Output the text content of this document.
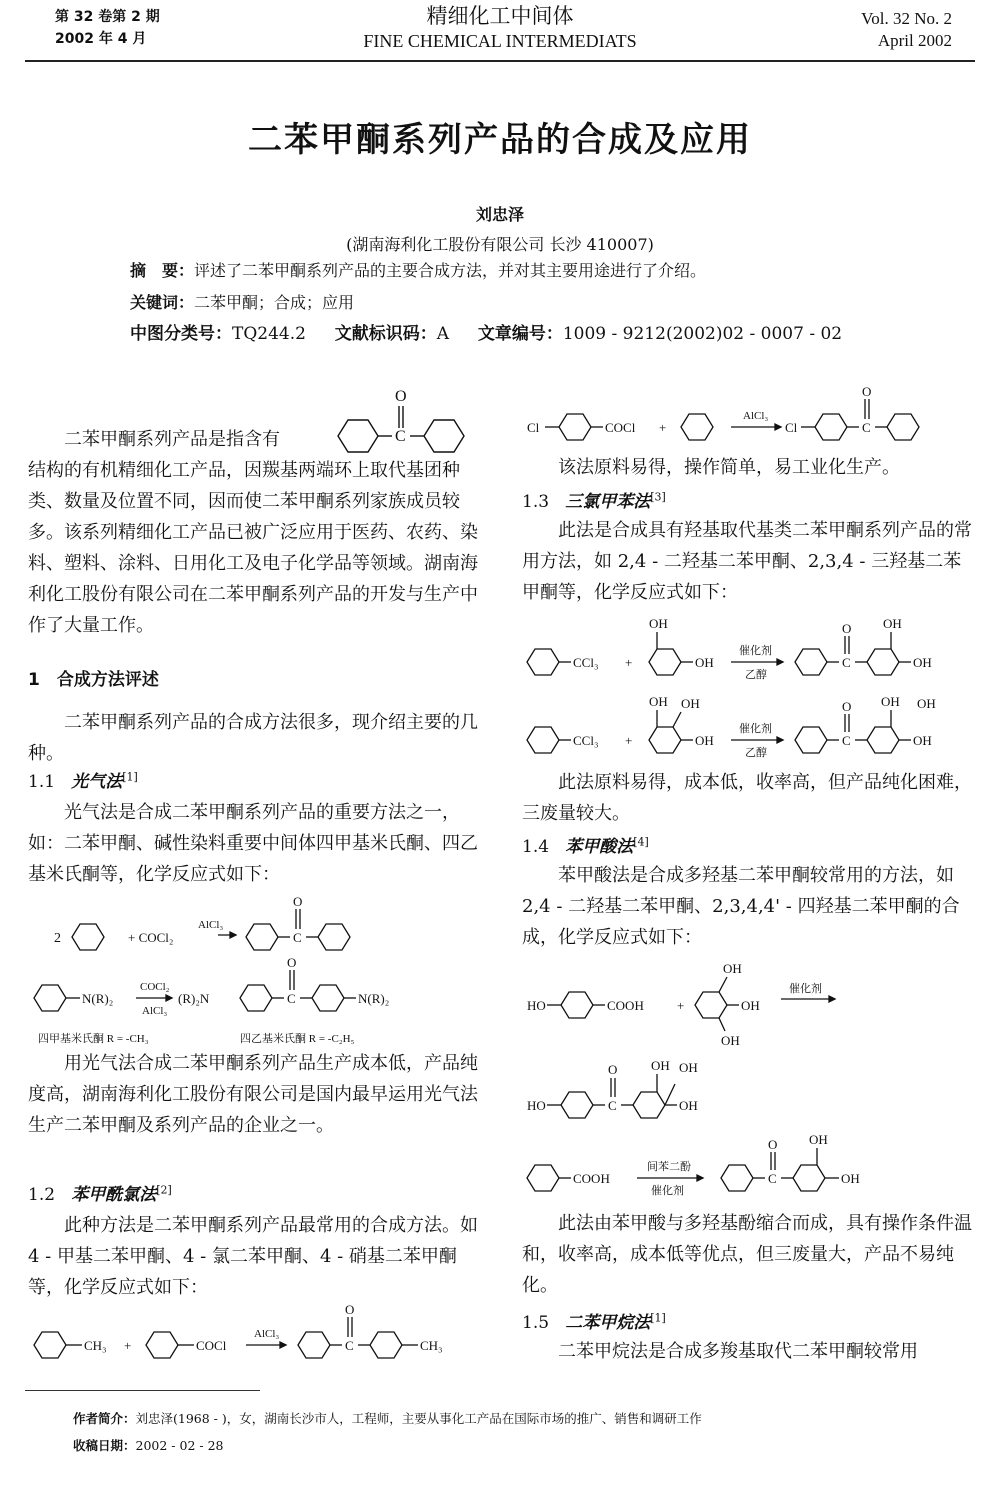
第 32 卷第 2 期
2002 年 4 月
精细化工中间体
FINE CHEMICAL INTERMEDIATS
Vol. 32 No. 2
April 2002
二苯甲酮系列产品的合成及应用
刘忠泽
(湖南海利化工股份有限公司 长沙 410007)
摘　要：评述了二苯甲酮系列产品的主要合成方法，并对其主要用途进行了介绍。
关键词：二苯甲酮；合成；应用
中图分类号：TQ244.2 文献标识码：A 文章编号：1009 - 9212(2002)02 - 0007 - 02
二苯甲酮系列产品是指含有
O
C

结构的有机精细化工产品，因羰基两端环上取代基团种类、数量及位置不同，因而使二苯甲酮系列家族成员较多。该系列精细化工产品已被广泛应用于医药、农药、染料、塑料、涂料、日用化工及电子化学品等领域。湖南海利化工股份有限公司在二苯甲酮系列产品的开发与生产中作了大量工作。

1　合成方法评述

二苯甲酮系列产品的合成方法很多，现介绍主要的几种。

1.1 光气法[1]

光气法是合成二苯甲酮系列产品的重要方法之一，如：二苯甲酮、碱性染料重要中间体四甲基米氏酮、四乙基米氏酮等，化学反应式如下：

2	+ COCl₂
AlCl₃
O
C
N(R)₂
COCl₂
AlCl₃
(R)₂N
O
C	N(R)₂
四甲基米氏酮 R = -CH₃	四乙基米氏酮 R = -C₂H₅

用光气法合成二苯甲酮系列产品生产成本低，产品纯度高，湖南海利化工股份有限公司是国内最早运用光气法生产二苯甲酮及系列产品的企业之一。

1.2 苯甲酰氯法[2]

此种方法是二苯甲酮系列产品最常用的合成方法。如 4 - 甲基二苯甲酮、4 - 氯二苯甲酮、4 - 硝基二苯甲酮等，化学反应式如下：

CH₃ +	COCl
AlCl₃
O
C	CH₃
Cl	COCl +
AlCl₃
Cl
O
C

该法原料易得，操作简单，易工业化生产。

1.3 三氯甲苯法[3]

此法是合成具有羟基取代基类二苯甲酮系列产品的常用方法，如 2,4 - 二羟基二苯甲酮、2,3,4 - 三羟基二苯甲酮等，化学反应式如下：

CCl₃ +
OH
OH
催化剂
乙醇
O
C
OH
OH
CCl₃ +
OH OH
OH
催化剂
乙醇
O
C
OH OH
OH

此法原料易得，成本低，收率高，但产品纯化困难，三废量较大。

1.4 苯甲酸法[4]

苯甲酸法是合成多羟基二苯甲酮较常用的方法，如 2,4 - 二羟基二苯甲酮、2,3,4,4' - 四羟基二苯甲酮的合成，化学反应式如下：

HO	COOH	+
OH
OH
OH
催化剂
HO
O
C
OH OH
OH
COOH
间苯二酚
催化剂
O
C
OH
OH

此法由苯甲酸与多羟基酚缩合而成，具有操作条件温和，收率高，成本低等优点，但三废量大，产品不易纯化。

1.5 二苯甲烷法[1]

二苯甲烷法是合成多羧基取代二苯甲酮较常用

作者简介：刘忠泽(1968 - )，女，湖南长沙市人，工程师，主要从事化工产品在国际市场的推广、销售和调研工作
收稿日期：2002 - 02 - 28
